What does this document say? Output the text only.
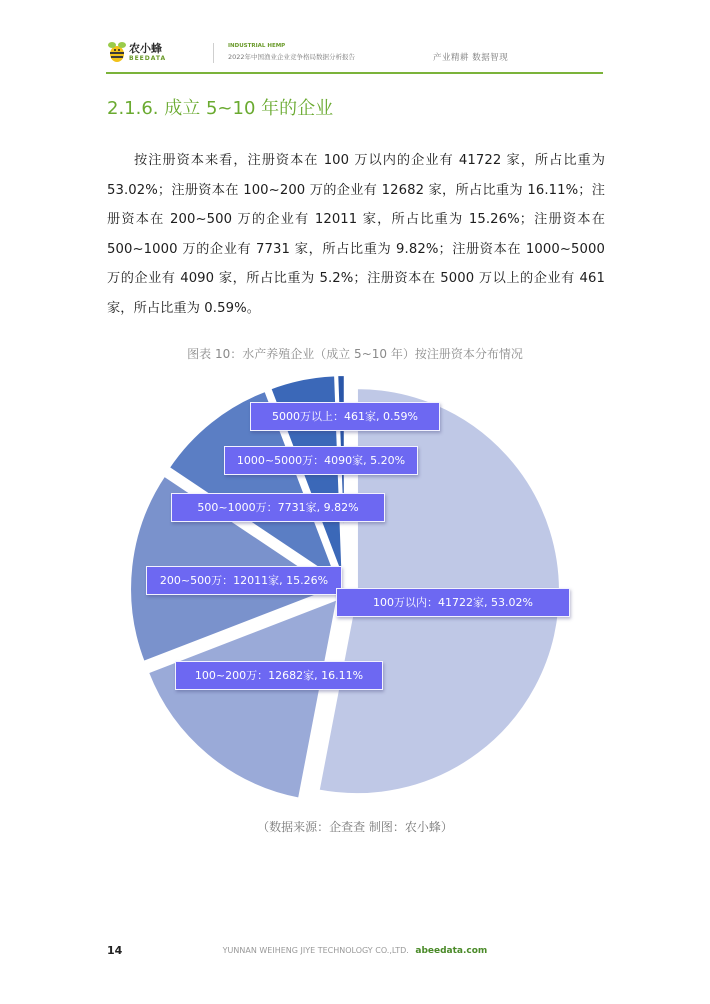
农小蜂
BEEDATA
INDUSTRIAL HEMP
2022年中国渔业企业竞争格局数据分析报告	产业精耕 数据智现
2.1.6. 成立 5~10 年的企业
按注册资本来看，注册资本在 100 万以内的企业有 41722 家，所占比重为 53.02%；注册资本在 100~200 万的企业有 12682 家，所占比重为 16.11%；注册资本在 200~500 万的企业有 12011 家，所占比重为 15.26%；注册资本在 500~1000 万的企业有 7731 家，所占比重为 9.82%；注册资本在 1000~5000 万的企业有 4090 家，所占比重为 5.2%；注册资本在 5000 万以上的企业有 461 家，所占比重为 0.59%。
图表 10：水产养殖企业（成立 5~10 年）按注册资本分布情况
5000万以上：461家, 0.59%
1000~5000万：4090家, 5.20%
500~1000万：7731家, 9.82%
200~500万：12011家, 15.26%
100万以内：41722家, 53.02%
100~200万：12682家, 16.11%
（数据来源：企查查 制图：农小蜂）
14	YUNNAN WEIHENG JIYE TECHNOLOGY CO.,LTD. abeedata.com
